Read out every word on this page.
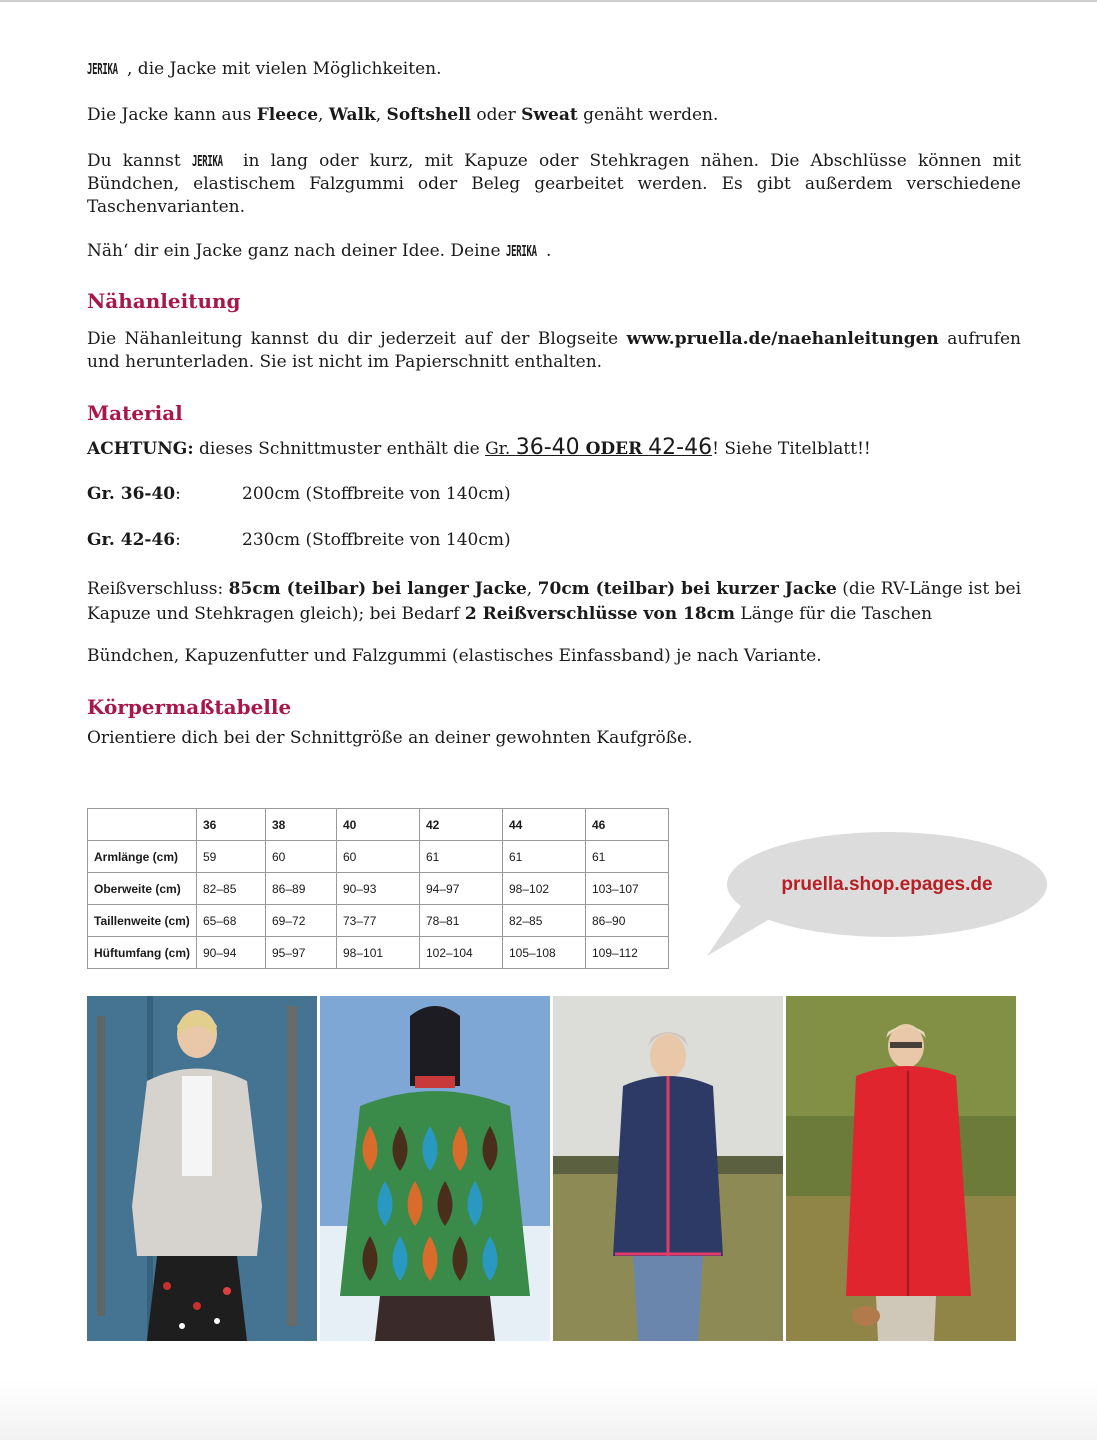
JERIKA , die Jacke mit vielen Möglichkeiten.

Die Jacke kann aus Fleece, Walk, Softshell oder Sweat genäht werden.

Du kannst JERIKA in lang oder kurz, mit Kapuze oder Stehkragen nähen. Die Abschlüsse können mit Bündchen, elastischem Falzgummi oder Beleg gearbeitet werden. Es gibt außerdem verschiedene Taschenvarianten.

Näh‘ dir ein Jacke ganz nach deiner Idee. Deine JERIKA .

Nähanleitung

Die Nähanleitung kannst du dir jederzeit auf der Blogseite www.pruella.de/naehanleitungen aufrufen und herunterladen. Sie ist nicht im Papierschnitt enthalten.

Material

ACHTUNG: dieses Schnittmuster enthält die Gr. 36-40 ODER 42-46! Siehe Titelblatt!!

Gr. 36-40:	200cm (Stoffbreite von 140cm)

Gr. 42-46:	230cm (Stoffbreite von 140cm)

Reißverschluss: 85cm (teilbar) bei langer Jacke, 70cm (teilbar) bei kurzer Jacke (die RV-Länge ist bei Kapuze und Stehkragen gleich); bei Bedarf 2 Reißverschlüsse von 18cm Länge für die Taschen

Bündchen, Kapuzenfutter und Falzgummi (elastisches Einfassband) je nach Variante.

Körpermaßtabelle

Orientiere dich bei der Schnittgröße an deiner gewohnten Kaufgröße.

	36	38	40	42	44	46
Armlänge (cm)	59	60	60	61	61	61
Oberweite (cm)	82–85	86–89	90–93	94–97	98–102	103–107
Taillenweite (cm)	65–68	69–72	73–77	78–81	82–85	86–90
Hüftumfang (cm)	90–94	95–97	98–101	102–104	105–108	109–112
pruella.shop.epages.de
